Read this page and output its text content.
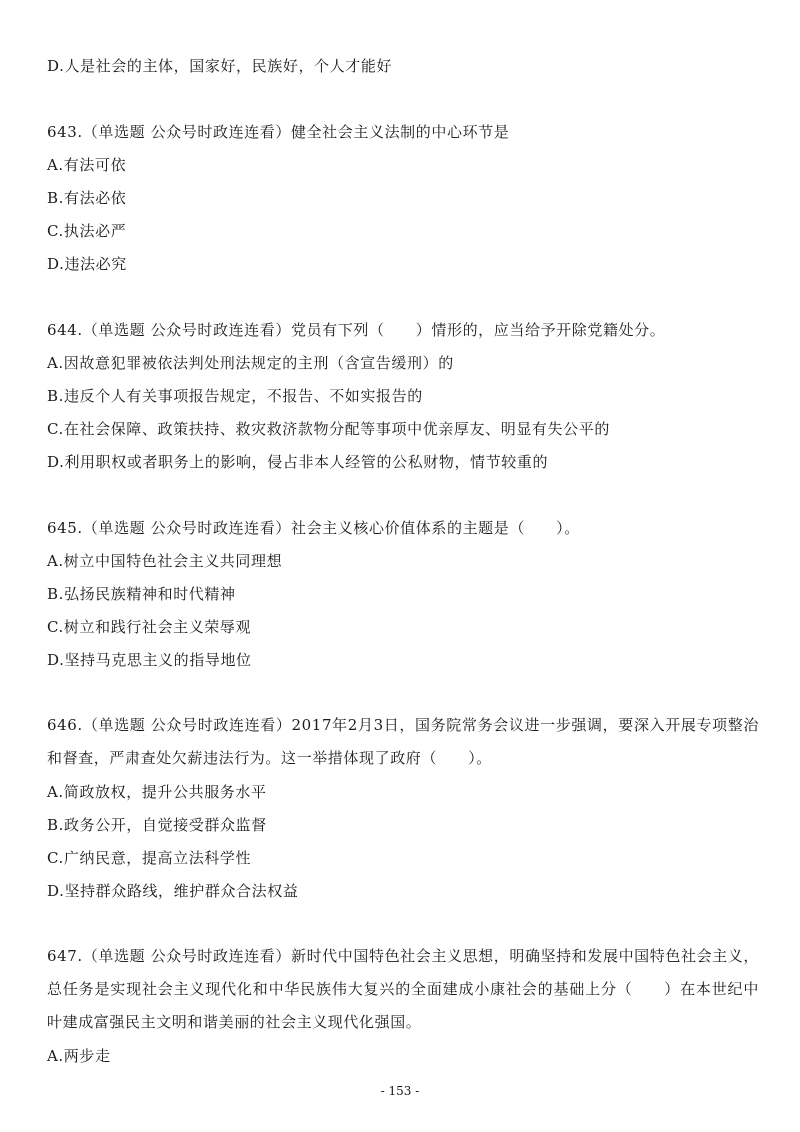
D.人是社会的主体，国家好，民族好，个人才能好
643.（单选题 公众号时政连连看）健全社会主义法制的中心环节是
A.有法可依
B.有法必依
C.执法必严
D.违法必究
644.（单选题 公众号时政连连看）党员有下列（　　）情形的，应当给予开除党籍处分。
A.因故意犯罪被依法判处刑法规定的主刑（含宣告缓刑）的
B.违反个人有关事项报告规定，不报告、不如实报告的
C.在社会保障、政策扶持、救灾救济款物分配等事项中优亲厚友、明显有失公平的
D.利用职权或者职务上的影响，侵占非本人经管的公私财物，情节较重的
645.（单选题 公众号时政连连看）社会主义核心价值体系的主题是（　　）。
A.树立中国特色社会主义共同理想
B.弘扬民族精神和时代精神
C.树立和践行社会主义荣辱观
D.坚持马克思主义的指导地位
646.（单选题 公众号时政连连看）2017年2月3日，国务院常务会议进一步强调，要深入开展专项整治和督查，严肃查处欠薪违法行为。这一举措体现了政府（　　）。
A.简政放权，提升公共服务水平
B.政务公开，自觉接受群众监督
C.广纳民意，提高立法科学性
D.坚持群众路线，维护群众合法权益
647.（单选题 公众号时政连连看）新时代中国特色社会主义思想，明确坚持和发展中国特色社会主义，总任务是实现社会主义现代化和中华民族伟大复兴的全面建成小康社会的基础上分（　　）在本世纪中叶建成富强民主文明和谐美丽的社会主义现代化强国。
A.两步走
- 153 -
